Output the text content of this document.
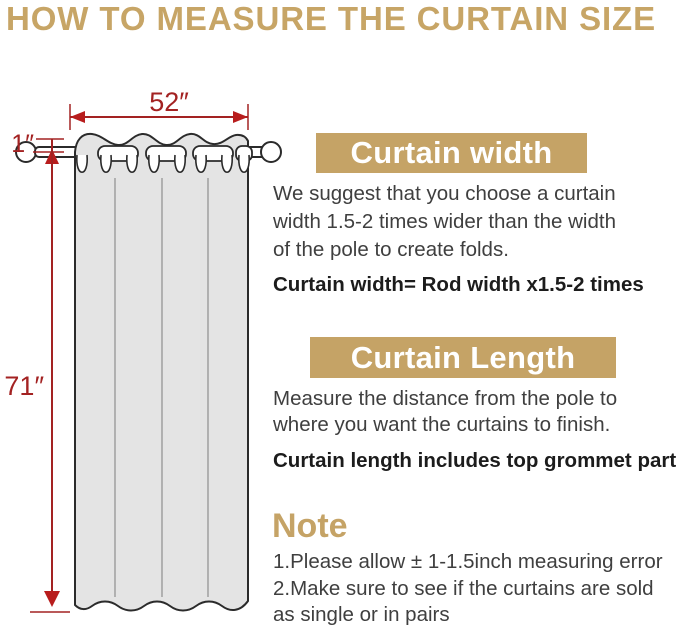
HOW TO MEASURE THE CURTAIN SIZE
52″
1″
71″
Curtain width
We suggest that you choose a curtain
width 1.5-2 times wider than the width
of the pole to create folds.
Curtain width= Rod width x1.5-2 times
Curtain Length
Measure the distance from the pole to
where you want the curtains to finish.
Curtain length includes top grommet part
Note
1.Please allow ± 1-1.5inch measuring error
2.Make sure to see if the curtains are sold
as single or in pairs
